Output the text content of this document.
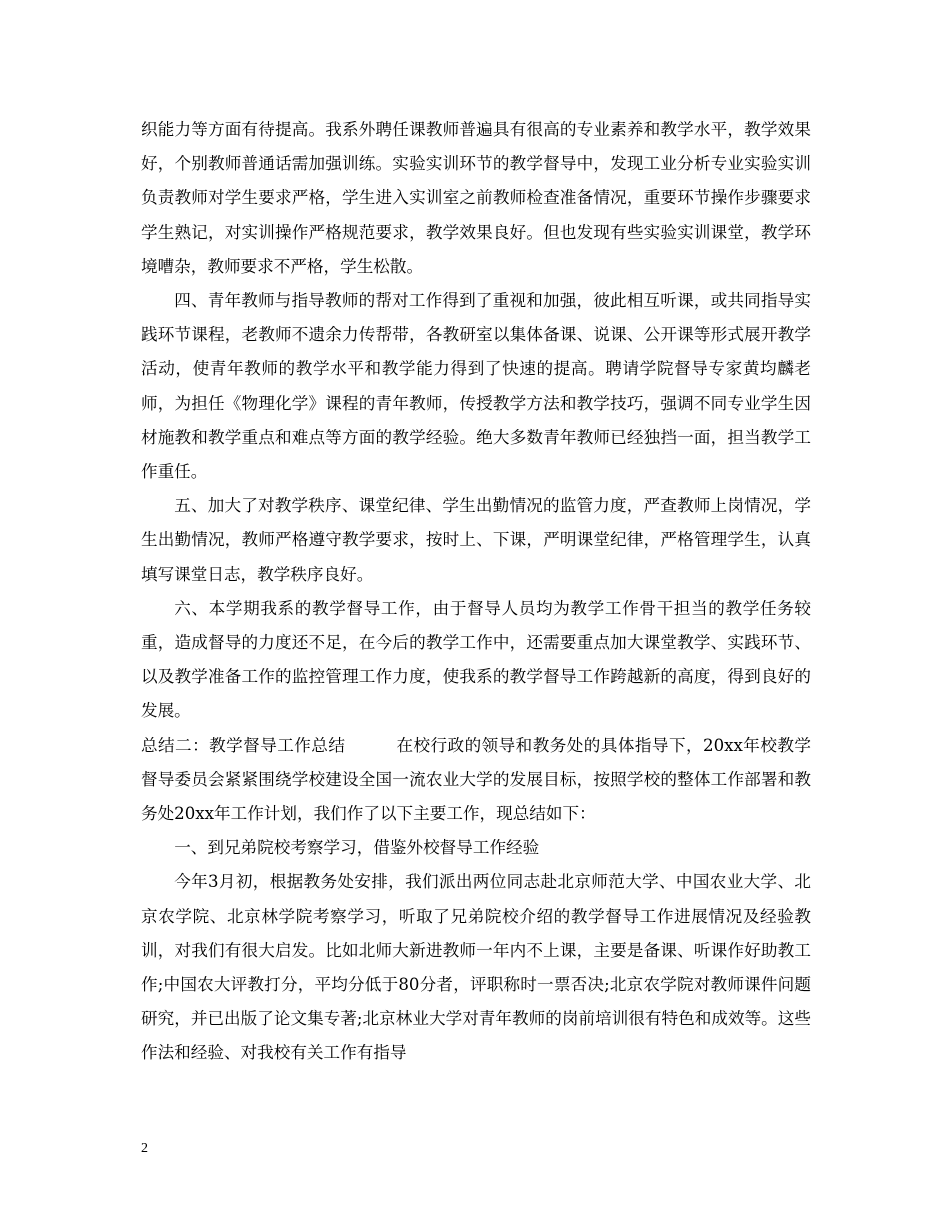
织能力等方面有待提高。我系外聘任课教师普遍具有很高的专业素养和教学水平，教学效果好，个别教师普通话需加强训练。实验实训环节的教学督导中，发现工业分析专业实验实训负责教师对学生要求严格，学生进入实训室之前教师检查准备情况，重要环节操作步骤要求学生熟记，对实训操作严格规范要求，教学效果良好。但也发现有些实验实训课堂，教学环境嘈杂，教师要求不严格，学生松散。

四、青年教师与指导教师的帮对工作得到了重视和加强，彼此相互听课，或共同指导实践环节课程，老教师不遗余力传帮带，各教研室以集体备课、说课、公开课等形式展开教学活动，使青年教师的教学水平和教学能力得到了快速的提高。聘请学院督导专家黄均麟老师，为担任《物理化学》课程的青年教师，传授教学方法和教学技巧，强调不同专业学生因材施教和教学重点和难点等方面的教学经验。绝大多数青年教师已经独挡一面，担当教学工作重任。

五、加大了对教学秩序、课堂纪律、学生出勤情况的监管力度，严查教师上岗情况，学生出勤情况，教师严格遵守教学要求，按时上、下课，严明课堂纪律，严格管理学生，认真填写课堂日志，教学秩序良好。

六、本学期我系的教学督导工作，由于督导人员均为教学工作骨干担当的教学任务较重，造成督导的力度还不足，在今后的教学工作中，还需要重点加大课堂教学、实践环节、以及教学准备工作的监控管理工作力度，使我系的教学督导工作跨越新的高度，得到良好的发展。

总结二：教学督导工作总结　　　在校行政的领导和教务处的具体指导下，20xx年校教学督导委员会紧紧围绕学校建设全国一流农业大学的发展目标，按照学校的整体工作部署和教务处20xx年工作计划，我们作了以下主要工作，现总结如下：

一、到兄弟院校考察学习，借鉴外校督导工作经验

今年3月初，根据教务处安排，我们派出两位同志赴北京师范大学、中国农业大学、北京农学院、北京林学院考察学习，听取了兄弟院校介绍的教学督导工作进展情况及经验教训，对我们有很大启发。比如北师大新进教师一年内不上课，主要是备课、听课作好助教工作;中国农大评教打分，平均分低于80分者，评职称时一票否决;北京农学院对教师课件问题研究，并已出版了论文集专著;北京林业大学对青年教师的岗前培训很有特色和成效等。这些作法和经验、对我校有关工作有指导

2
